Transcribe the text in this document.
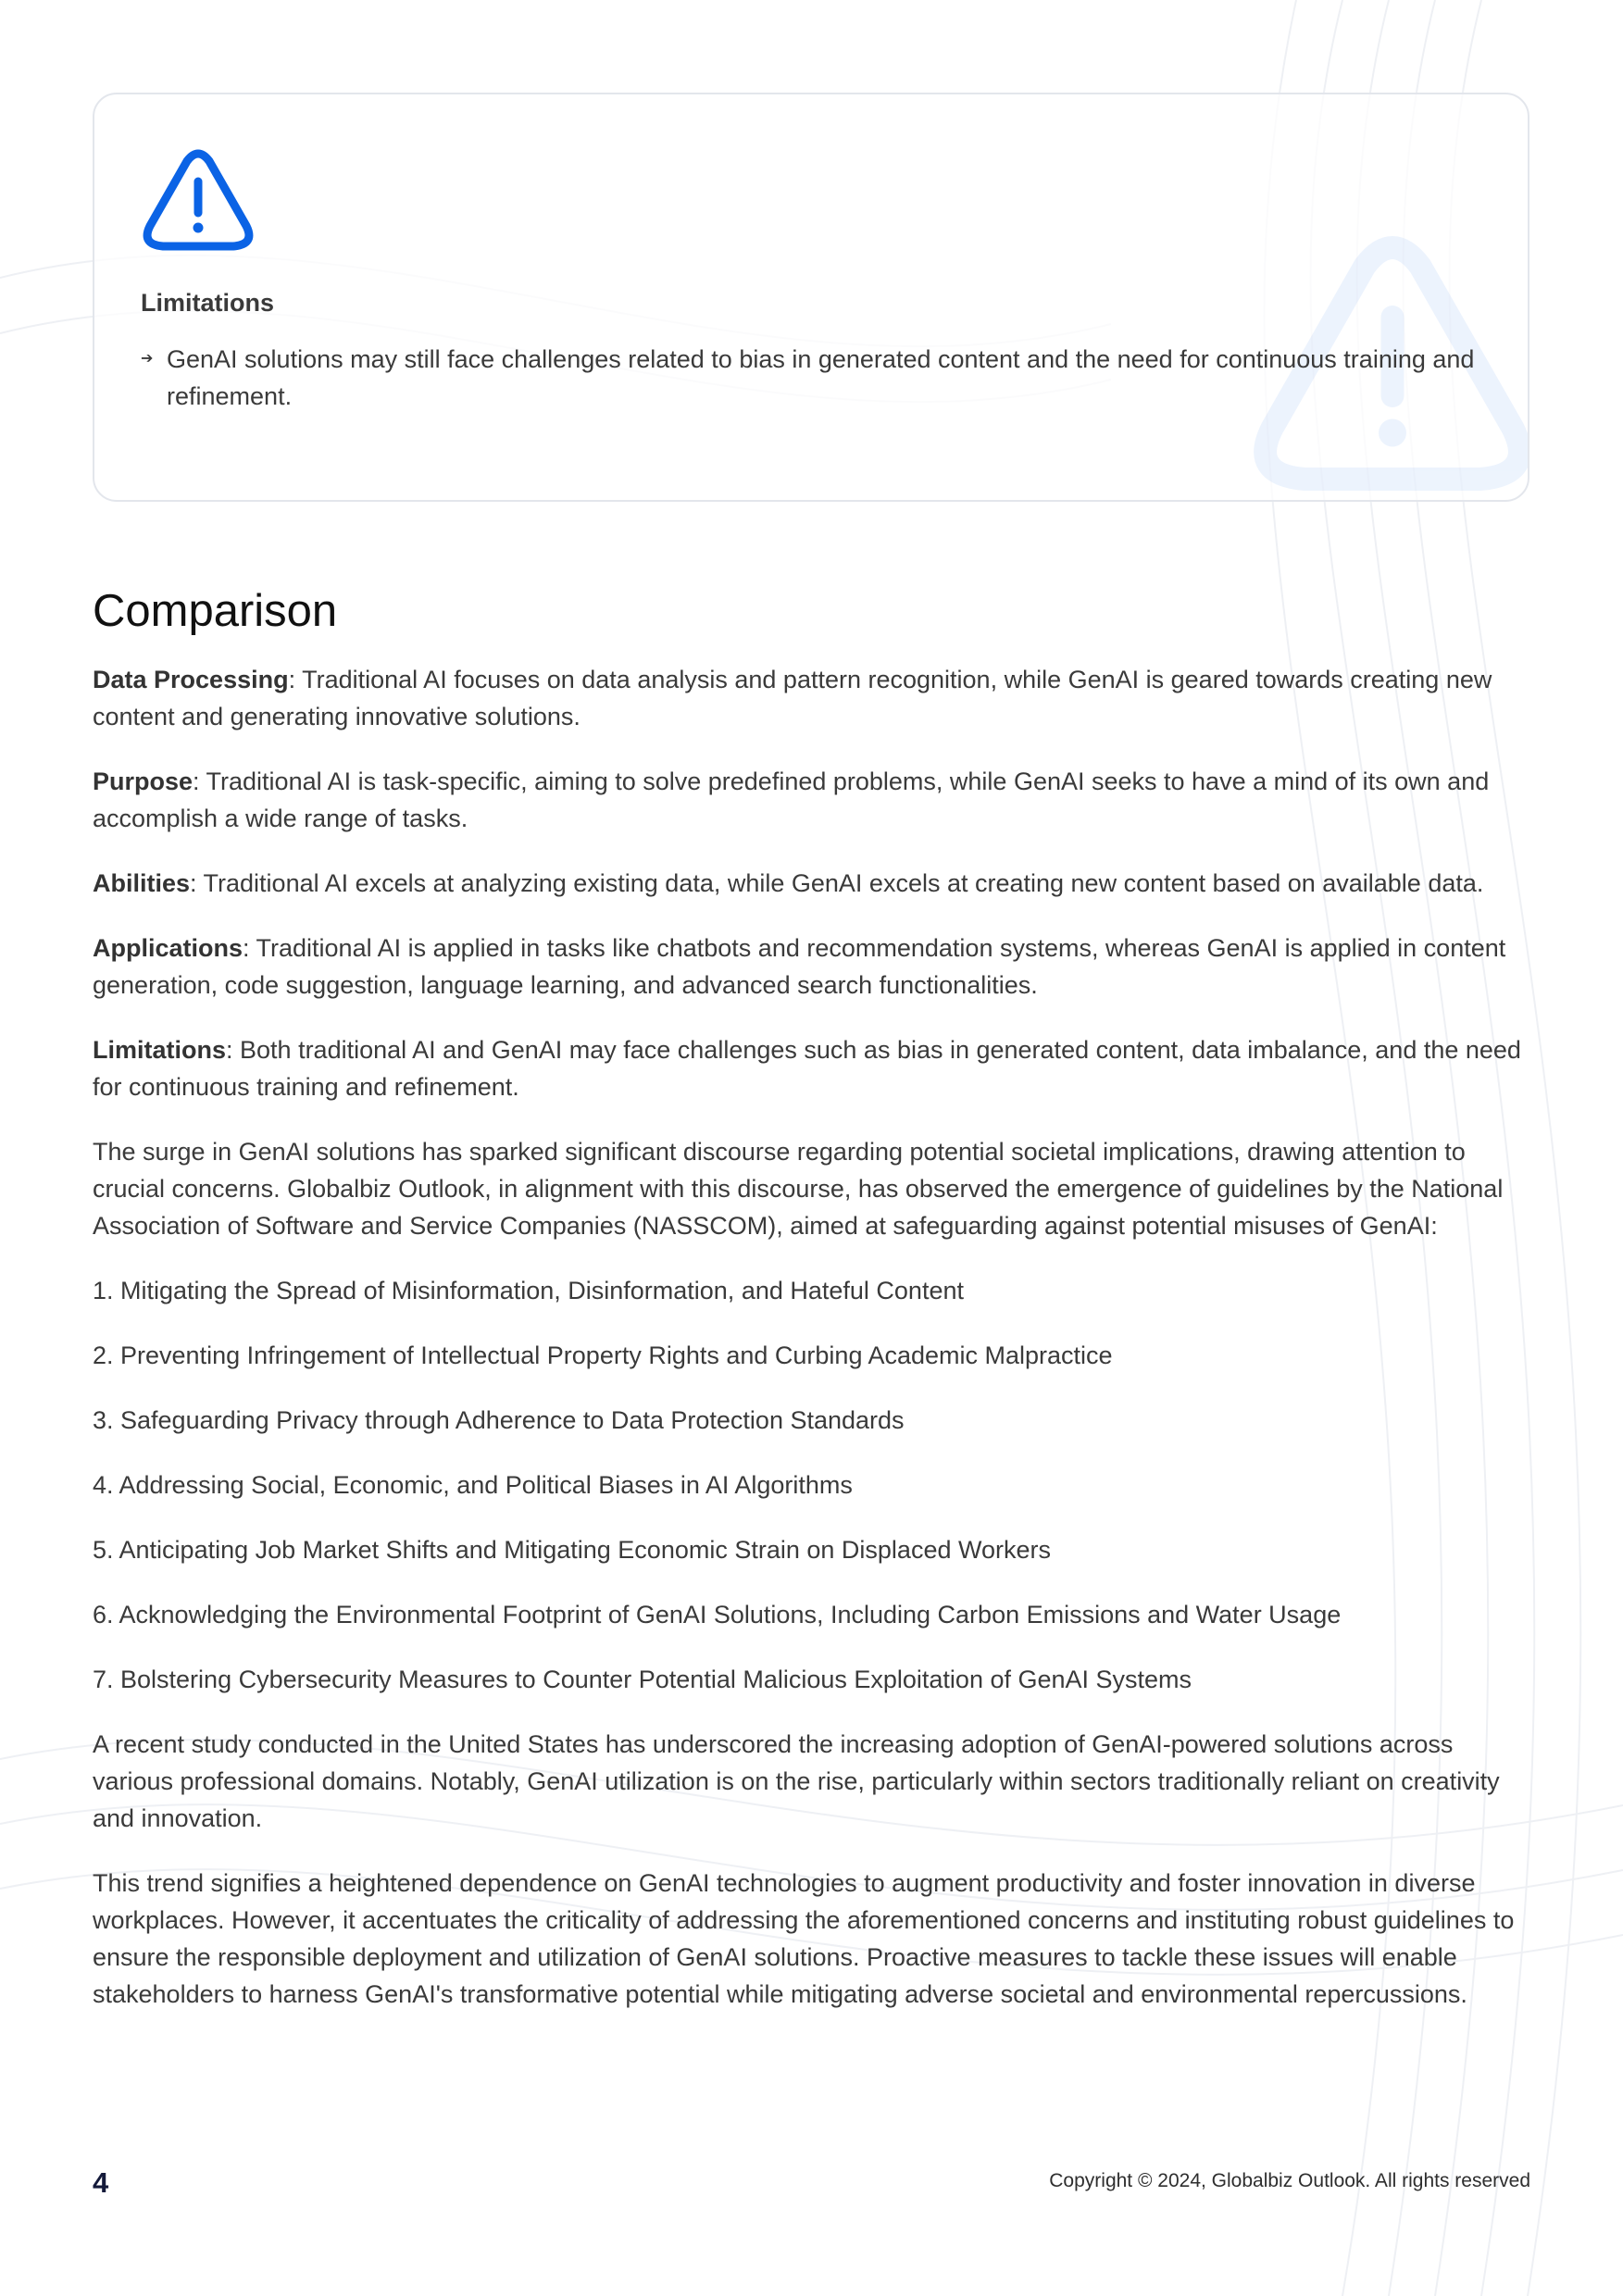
Limitations
➔ GenAI solutions may still face challenges related to bias in generated content and the need for continuous training and refinement.
Comparison

Data Processing: Traditional AI focuses on data analysis and pattern recognition, while GenAI is geared towards creating new content and generating innovative solutions.

Purpose: Traditional AI is task-specific, aiming to solve predefined problems, while GenAI seeks to have a mind of its own and accomplish a wide range of tasks.

Abilities: Traditional AI excels at analyzing existing data, while GenAI excels at creating new content based on available data.

Applications: Traditional AI is applied in tasks like chatbots and recommendation systems, whereas GenAI is applied in content generation, code suggestion, language learning, and advanced search functionalities.

Limitations: Both traditional AI and GenAI may face challenges such as bias in generated content, data imbalance, and the need for continuous training and refinement.

The surge in GenAI solutions has sparked significant discourse regarding potential societal implications, drawing attention to crucial concerns. Globalbiz Outlook, in alignment with this discourse, has observed the emergence of guidelines by the National Association of Software and Service Companies (NASSCOM), aimed at safeguarding against potential misuses of GenAI:

1. Mitigating the Spread of Misinformation, Disinformation, and Hateful Content

2. Preventing Infringement of Intellectual Property Rights and Curbing Academic Malpractice

3. Safeguarding Privacy through Adherence to Data Protection Standards

4. Addressing Social, Economic, and Political Biases in AI Algorithms

5. Anticipating Job Market Shifts and Mitigating Economic Strain on Displaced Workers

6. Acknowledging the Environmental Footprint of GenAI Solutions, Including Carbon Emissions and Water Usage

7. Bolstering Cybersecurity Measures to Counter Potential Malicious Exploitation of GenAI Systems

A recent study conducted in the United States has underscored the increasing adoption of GenAI-powered solutions across various professional domains. Notably, GenAI utilization is on the rise, particularly within sectors traditionally reliant on creativity and innovation.

This trend signifies a heightened dependence on GenAI technologies to augment productivity and foster innovation in diverse workplaces. However, it accentuates the criticality of addressing the aforementioned concerns and instituting robust guidelines to ensure the responsible deployment and utilization of GenAI solutions. Proactive measures to tackle these issues will enable stakeholders to harness GenAI's transformative potential while mitigating adverse societal and environmental repercussions.

4	Copyright © 2024, Globalbiz Outlook. All rights reserved
